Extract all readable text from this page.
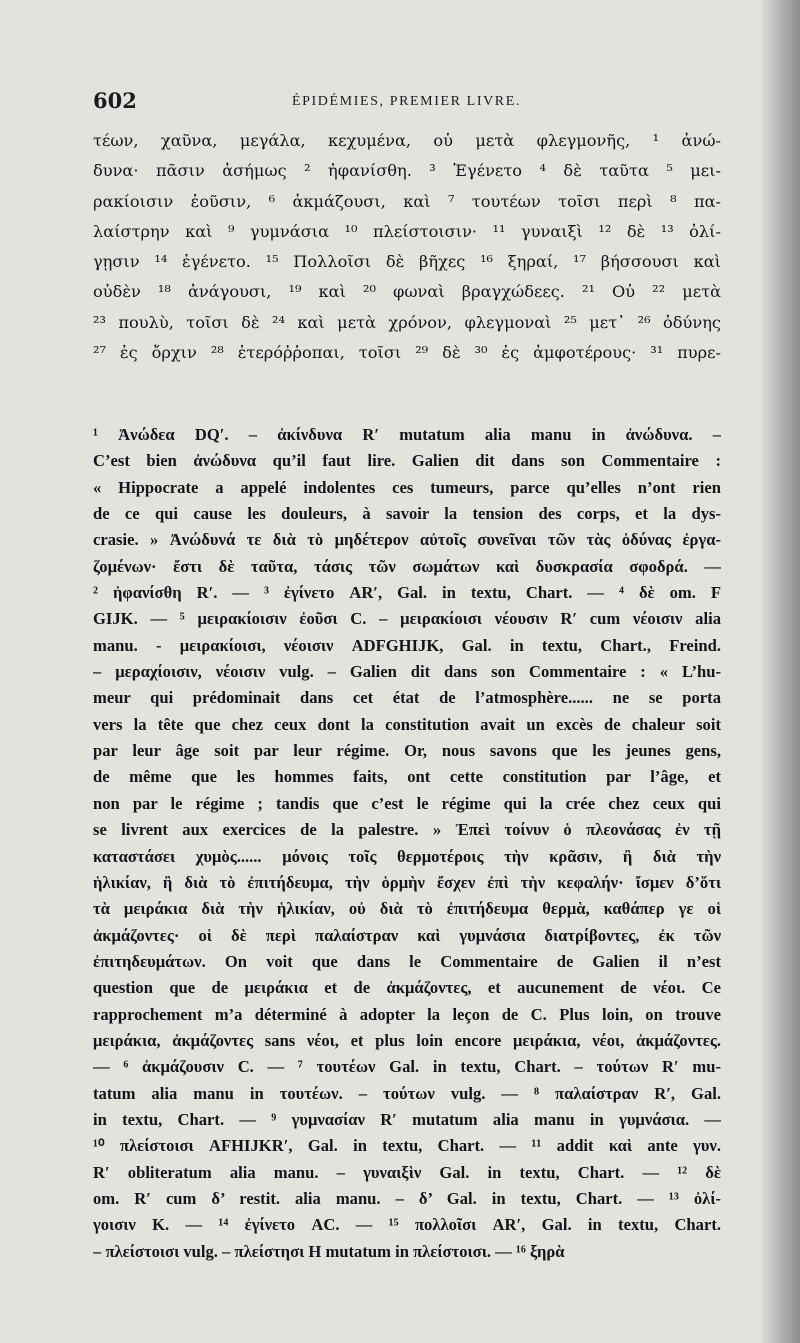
602	ÉPIDÉMIES, PREMIER LIVRE.
τέων, χαῦνα, μεγάλα, κεχυμένα, οὐ μετὰ φλεγμονῆς, ¹ ἀνώ-
δυνα· πᾶσιν ἀσήμως ² ἠφανίσθη. ³ Ἐγένετο ⁴ δὲ ταῦτα ⁵ μει-
ρακίοισιν ἐοῦσιν, ⁶ ἀκμάζουσι, καὶ ⁷ τουτέων τοῖσι περὶ ⁸ πα-
λαίστρην καὶ ⁹ γυμνάσια ¹⁰ πλείστοισιν· ¹¹ γυναιξὶ ¹² δὲ ¹³ ὀλί-
γῃσιν ¹⁴ ἐγένετο. ¹⁵ Πολλοῖσι δὲ βῆχες ¹⁶ ξηραί, ¹⁷ βήσσουσι καὶ
οὐδὲν ¹⁸ ἀνάγουσι, ¹⁹ καὶ ²⁰ φωναὶ βραγχώδεες. ²¹ Οὐ ²² μετὰ
²³ πουλὺ, τοῖσι δὲ ²⁴ καὶ μετὰ χρόνον, φλεγμοναὶ ²⁵ μετ᾽ ²⁶ ὀδύνης
²⁷ ἐς ὄρχιν ²⁸ ἑτερόῤῥοπαι, τοῖσι ²⁹ δὲ ³⁰ ἐς ἀμφοτέρους· ³¹ πυρε-
¹ Ἀνώδεα DQ′. – ἀκίνδυνα R′ mutatum alia manu in ἀνώδυνα. –
C’est bien ἀνώδυνα qu’il faut lire. Galien dit dans son Commentaire :
« Hippocrate a appelé indolentes ces tumeurs, parce qu’elles n’ont rien
de ce qui cause les douleurs, à savoir la tension des corps, et la dys-
crasie. » Ἀνώδυνά τε διὰ τὸ μηδέτερον αὐτοῖς συνεῖναι τῶν τὰς ὀδύνας ἐργα-
ζομένων· ἔστι δὲ ταῦτα, τάσις τῶν σωμάτων καὶ δυσκρασία σφοδρά. —
² ἠφανίσθη R′. — ³ ἐγίνετο AR′, Gal. in textu, Chart. — ⁴ δὲ om. F
GIJK. — ⁵ μειρακίοισιν ἐοῦσι C. – μειρακίοισι νέουσιν R′ cum νέοισιν alia
manu. - μειρακίοισι, νέοισιν ADFGHIJK, Gal. in textu, Chart., Freind.
– μεραχίοισιν, νέοισιν vulg. – Galien dit dans son Commentaire : « L’hu-
meur qui prédominait dans cet état de l’atmosphère...... ne se porta
vers la tête que chez ceux dont la constitution avait un excès de chaleur soit
par leur âge soit par leur régime. Or, nous savons que les jeunes gens,
de même que les hommes faits, ont cette constitution par l’âge, et
non par le régime ; tandis que c’est le régime qui la crée chez ceux qui
se livrent aux exercices de la palestre. » Ἐπεὶ τοίνυν ὁ πλεονάσας ἐν τῇ
καταστάσει χυμὸς...... μόνοις τοῖς θερμοτέροις τὴν κρᾶσιν, ἢ διὰ τὴν
ἡλικίαν, ἢ διὰ τὸ ἐπιτήδευμα, τὴν ὁρμὴν ἔσχεν ἐπὶ τὴν κεφαλήν· ἴσμεν δ’ὅτι
τὰ μειράκια διὰ τὴν ἡλικίαν, οὐ διὰ τὸ ἐπιτήδευμα θερμὰ, καθάπερ γε οἱ
ἀκμάζοντες· οἱ δὲ περὶ παλαίστραν καὶ γυμνάσια διατρίβοντες, ἐκ τῶν
ἐπιτηδευμάτων. On voit que dans le Commentaire de Galien il n’est
question que de μειράκια et de ἀκμάζοντες, et aucunement de νέοι. Ce
rapprochement m’a déterminé à adopter la leçon de C. Plus loin, on trouve
μειράκια, ἀκμάζοντες sans νέοι, et plus loin encore μειράκια, νέοι, ἀκμάζοντες.
— ⁶ ἀκμάζουσιν C. — ⁷ τουτέων Gal. in textu, Chart. – τούτων R′ mu-
tatum alia manu in τουτέων. – τούτων vulg. — ⁸ παλαίστραν R′, Gal.
in textu, Chart. — ⁹ γυμνασίαν R′ mutatum alia manu in γυμνάσια. —
¹⁰ πλείστοισι AFHIJKR′, Gal. in textu, Chart. — ¹¹ addit καὶ ante γυν.
R′ obliteratum alia manu. – γυναιξὶν Gal. in textu, Chart. — ¹² δὲ
om. R′ cum δ’ restit. alia manu. – δ’ Gal. in textu, Chart. — ¹³ ὀλί-
γοισιν K. — ¹⁴ ἐγίνετο AC. — ¹⁵ πολλοῖσι AR′, Gal. in textu, Chart.
– πλείστοισι vulg. – πλείστησι H mutatum in πλείστοισι. — ¹⁶ ξηρὰ
